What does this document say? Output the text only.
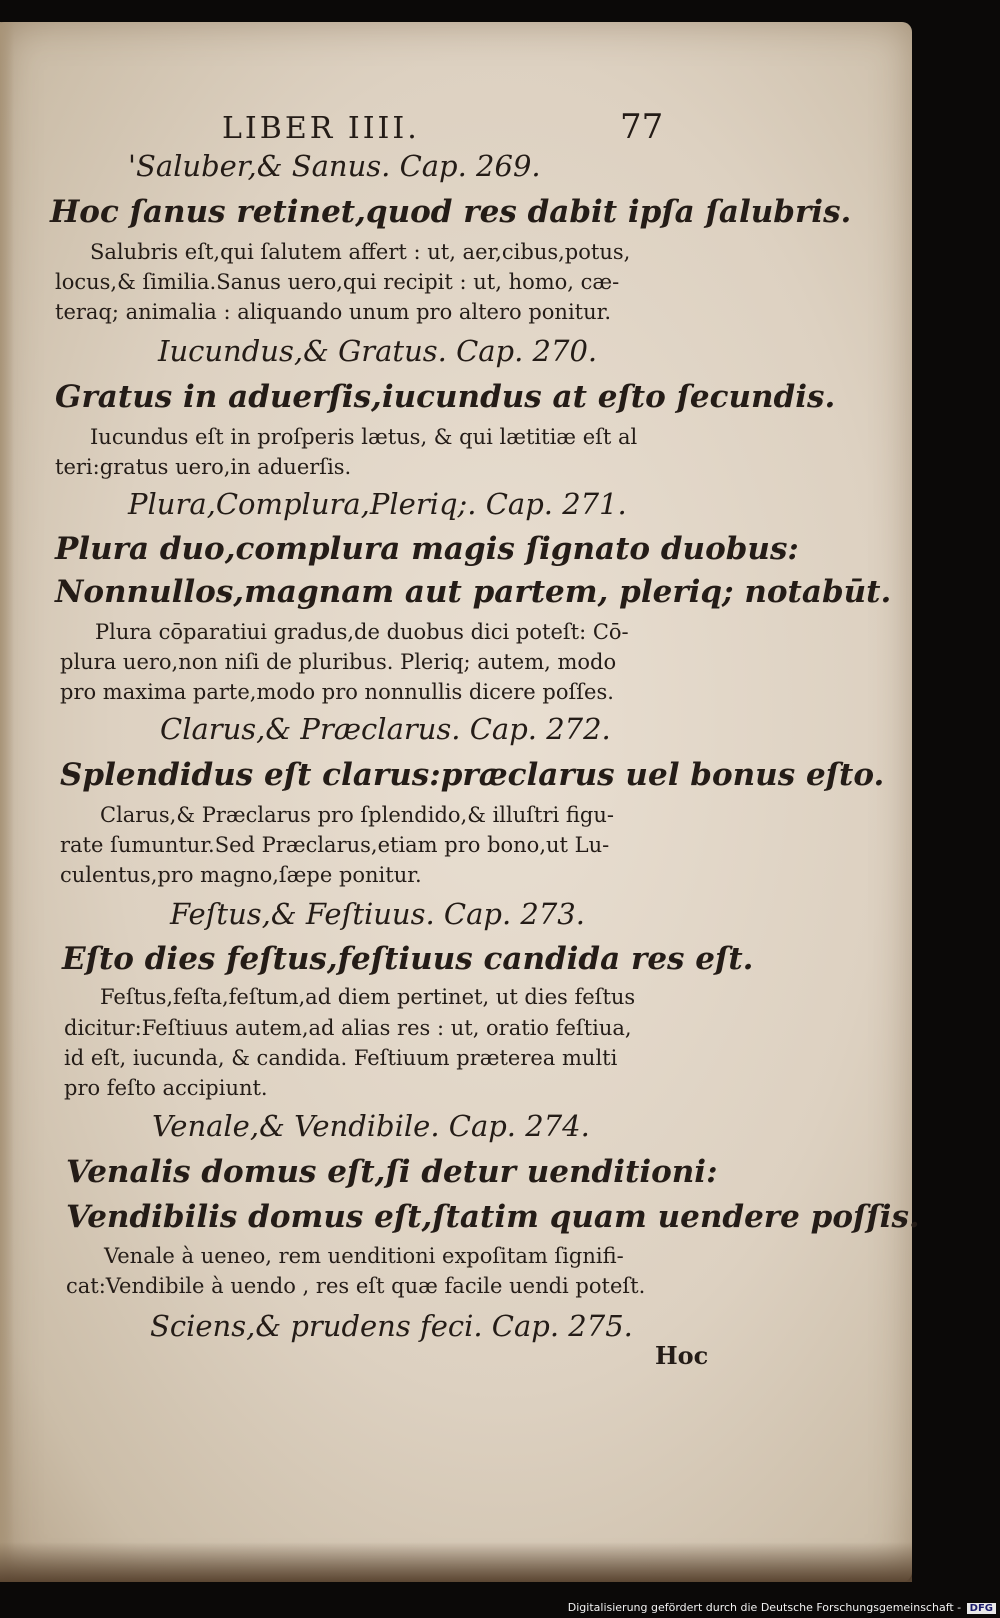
LIBER IIII.	77
'Saluber,& Sanus. Cap. 269.
Hoc ſanus retinet,quod res dabit ipſa ſalubris.
Salubris eſt,qui ſalutem affert : ut, aer,cibus,potus,
locus,& ſimilia.Sanus uero,qui recipit : ut, homo, cæ-
teraq; animalia : aliquando unum pro altero ponitur.
Iucundus,& Gratus. Cap. 270.
Gratus in aduerſis,iucundus at eſto ſecundis.
Iucundus eſt in proſperis lætus, & qui lætitiæ eſt al
teri:gratus uero,in aduerſis.
Plura,Complura,Pleriq;. Cap. 271.
Plura duo,complura magis ſignato duobus:
Nonnullos,magnam aut partem, pleriq; notabūt.
Plura cōparatiui gradus,de duobus dici poteſt: Cō-
plura uero,non niſi de pluribus. Pleriq; autem, modo
pro maxima parte,modo pro nonnullis dicere poſſes.
Clarus,& Præclarus. Cap. 272.
Splendidus eſt clarus:præclarus uel bonus eſto.
Clarus,& Præclarus pro ſplendido,& illuſtri figu-
rate ſumuntur.Sed Præclarus,etiam pro bono,ut Lu-
culentus,pro magno,ſæpe ponitur.
Feſtus,& Feſtiuus. Cap. 273.
Eſto dies feſtus,feſtiuus candida res eſt.
Feſtus,feſta,feſtum,ad diem pertinet, ut dies feſtus
dicitur:Feſtiuus autem,ad alias res : ut, oratio feſtiua,
id eſt, iucunda, & candida. Feſtiuum præterea multi
pro feſto accipiunt.
Venale,& Vendibile. Cap. 274.
Venalis domus eſt,ſi detur uenditioni:
Vendibilis domus eſt,ſtatim quam uendere poſſis.
Venale à ueneo, rem uenditioni expoſitam ſignifi-
cat:Vendibile à uendo , res eſt quæ facile uendi poteſt.
Sciens,& prudens feci. Cap. 275.
Hoc
Digitalisierung gefördert durch die Deutsche Forschungsgemeinschaft - DFG
